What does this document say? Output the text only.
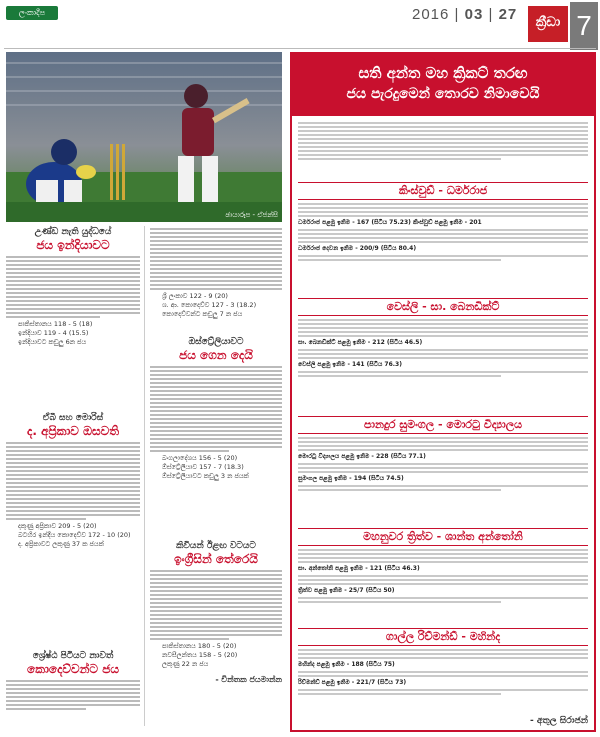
ලංකාදීප	2016 | 03 | 27	ක්‍රීඩා 7
ඡායාරූප - ඒජන්සි
උණ්ඩ නැති යුද්ධයේ
ජය ඉන්දියාවට
පාකිස්තානය 118 - 5 (18)
ඉන්දියාව 119 - 4 (15.5)
ඉන්දියාවට කඩුලු 6න ජය
ඒබී සහ මොරිස්
ද. අප්‍රිකාව ඔසවති
දකුණු අප්‍රිකාව 209 - 5 (20)
බටහිර ඉන්දීය කොදෙව්ව 172 - 10 (20)
ද. අප්‍රිකාවට ලකුණු 37 ක ජයක්
ශ්‍රේෂ්ඨ පිටියට නාවත්
කොදෙව්වන්ට ජය
ශ්‍රී ලංකාව 122 - 9 (20)
ශ. ආ. කොදෙව්ව 127 - 3 (18.2)
කොදෙව්වන්ට කඩුලු 7 න ජය
ඔස්ට්‍රේලියාවට
ජය ගෙන දෙයි
බංගලාදේශය 156 - 5 (20)
ඕස්ට්‍රේලියාව 157 - 7 (18.3)
ඕස්ට්‍රේලියාවට කඩුලු 3 න ජයක්
කිවියන් ඊළඟ වටයට
ඉංග්‍රීසින් තේරෙයි
පාකිස්තානය 180 - 5 (20)
නවසීලන්තය 158 - 5 (20)
ලකුණු 22 න ජය
- චින්තක ජයමාන්න
සති අන්ත මහ ක්‍රිකට් තරඟ
ජය පැරදුමෙන් තොරව නිමාවෙයි
කිංස්වුඩ් - ධර්මරාජ
ධර්මරාජ පළමු ඉනිම - 167 (සිටිය 75.23) කිංස්වුඩ් පළමු ඉනිම - 201
ධර්මරාජ දෙවන ඉනිම - 200/9 (සිටිය 80.4)
වෙස්ලි - සා. බෙනඩික්ට්
සා. බෙනඩික්ට් පළමු ඉනිම - 212 (සිටිය 46.5)
වෙස්ලි පළමු ඉනිම - 141 (සිටිය 76.3)
පානදුර සුමංගල - මොරටු විද්‍යාලය
මොරටු විද්‍යාලය පළමු ඉනිම - 228 (සිටිය 77.1)
සුමංගල පළමු ඉනිම - 194 (සිටිය 74.5)
මහනුවර ත්‍රිත්ව - ශාන්ත අන්තෝනි
සා. අන්තෝනි පළමු ඉනිම - 121 (සිටිය 46.3)
ත්‍රිත්ව පළමු ඉනිම - 25/7 (සිටිය 50)
ගාල්ල රිච්මන්ඩ් - මහින්ද
මහින්ද පළමු ඉනිම - 188 (සිටිය 75)
රිච්මන්ඩ් පළමු ඉනිම - 221/7 (සිටිය 73)
- අතුල සිරාජන්
